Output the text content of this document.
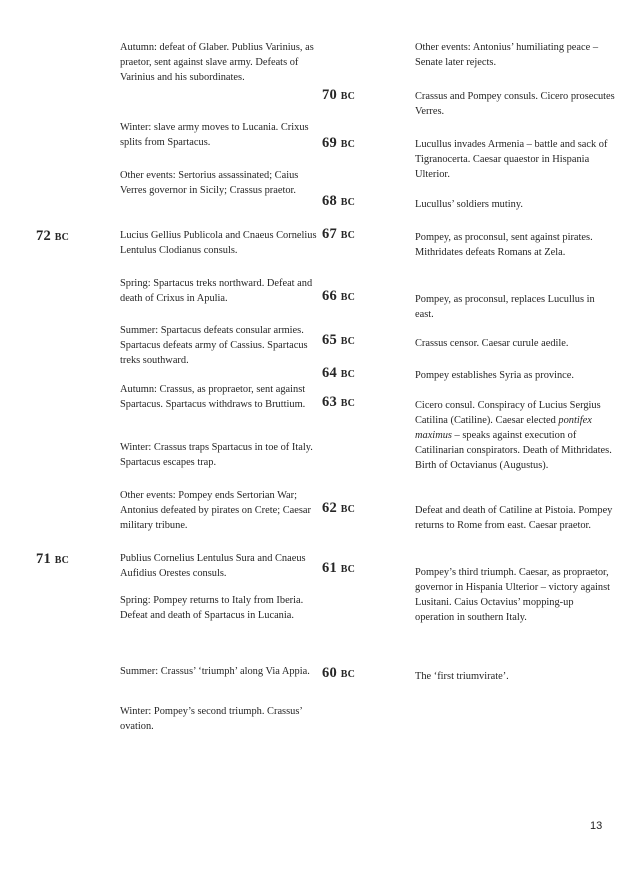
72 BC
71 BC
Autumn: defeat of Glaber. Publius Varinius, as praetor, sent against slave army. Defeats of Varinius and his subordinates.
Winter: slave army moves to Lucania. Crixus splits from Spartacus.
Other events: Sertorius assassinated; Caius Verres governor in Sicily; Crassus praetor.
Lucius Gellius Publicola and Cnaeus Cornelius Lentulus Clodianus consuls.
Spring: Spartacus treks northward. Defeat and death of Crixus in Apulia.
Summer: Spartacus defeats consular armies. Spartacus defeats army of Cassius. Spartacus treks southward.
Autumn: Crassus, as propraetor, sent against Spartacus. Spartacus withdraws to Bruttium.
Winter: Crassus traps Spartacus in toe of Italy. Spartacus escapes trap.
Other events: Pompey ends Sertorian War; Antonius defeated by pirates on Crete; Caesar military tribune.
Publius Cornelius Lentulus Sura and Cnaeus Aufidius Orestes consuls.
Spring: Pompey returns to Italy from Iberia. Defeat and death of Spartacus in Lucania.
Summer: Crassus’ ‘triumph’ along Via Appia.
Winter: Pompey’s second triumph. Crassus’ ovation.
70 BC
69 BC
68 BC
67 BC
66 BC
65 BC
64 BC
63 BC
62 BC
61 BC
60 BC
Other events: Antonius’ humiliating peace – Senate later rejects.
Crassus and Pompey consuls. Cicero prosecutes Verres.
Lucullus invades Armenia – battle and sack of Tigranocerta. Caesar quaestor in Hispania Ulterior.
Lucullus’ soldiers mutiny.
Pompey, as proconsul, sent against pirates. Mithridates defeats Romans at Zela.
Pompey, as proconsul, replaces Lucullus in east.
Crassus censor. Caesar curule aedile.
Pompey establishes Syria as province.
Cicero consul. Conspiracy of Lucius Sergius Catilina (Catiline). Caesar elected pontifex maximus – speaks against execution of Catilinarian conspirators. Death of Mithridates. Birth of Octavianus (Augustus).
Defeat and death of Catiline at Pistoia. Pompey returns to Rome from east. Caesar praetor.
Pompey’s third triumph. Caesar, as propraetor, governor in Hispania Ulterior – victory against Lusitani. Caius Octavius’ mopping-up operation in southern Italy.
The ‘first triumvirate’.
13
